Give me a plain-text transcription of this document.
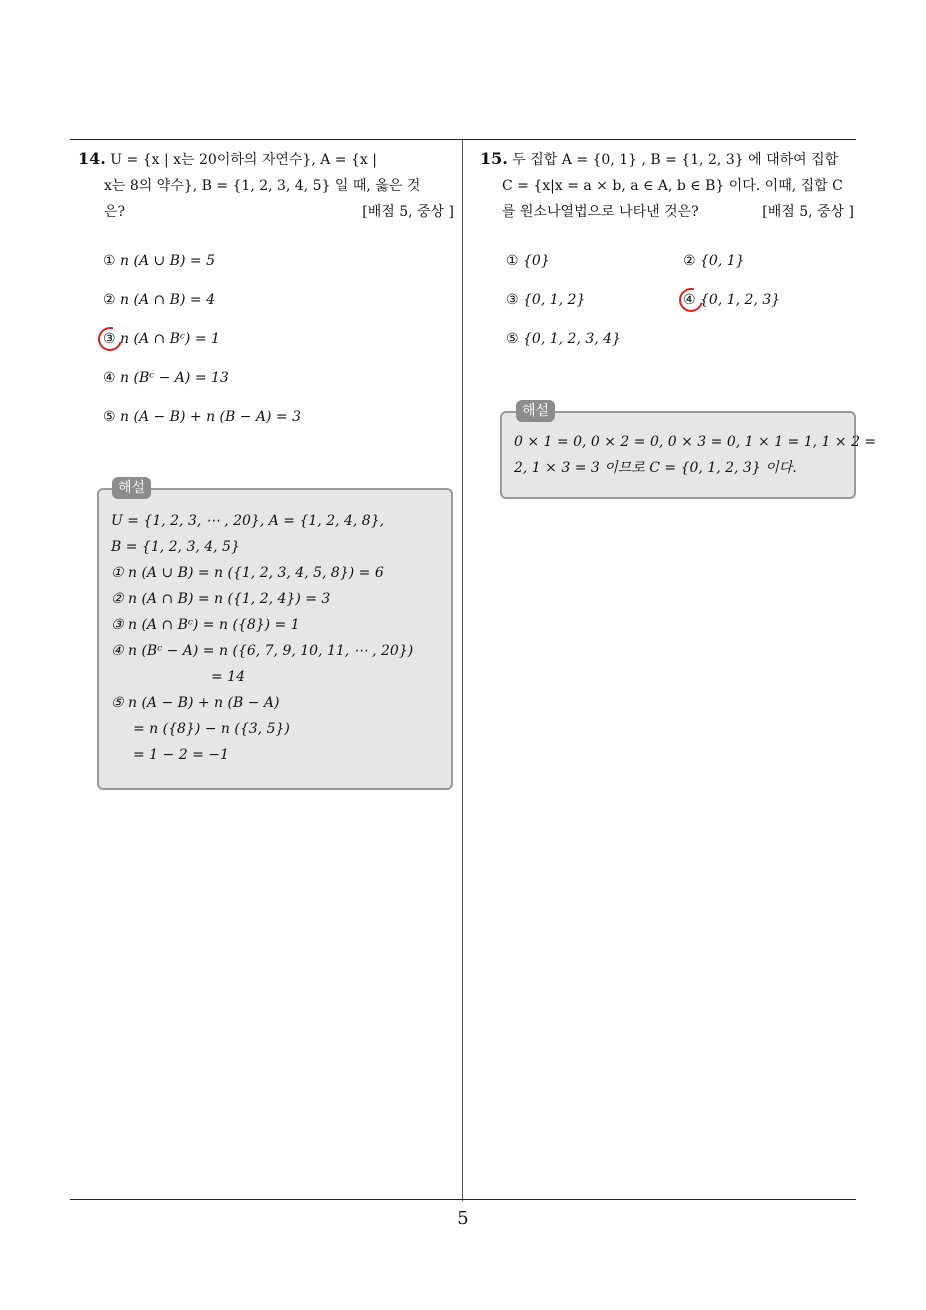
14. U = {x | x는 20이하의 자연수}, A = {x |
x는 8의 약수}, B = {1, 2, 3, 4, 5} 일 때, 옳은 것
은?	[배점 5, 중상 ]
① n (A ∪ B) = 5
② n (A ∩ B) = 4
③ n (A ∩ Bᶜ) = 1
④ n (Bᶜ − A) = 13
⑤ n (A − B) + n (B − A) = 3
U = {1, 2, 3, ⋯ , 20}, A = {1, 2, 4, 8},
B = {1, 2, 3, 4, 5}
① n (A ∪ B) = n ({1, 2, 3, 4, 5, 8}) = 6
② n (A ∩ B) = n ({1, 2, 4}) = 3
③ n (A ∩ Bᶜ) = n ({8}) = 1
④ n (Bᶜ − A) = n ({6, 7, 9, 10, 11, ⋯ , 20})
= 14
⑤ n (A − B) + n (B − A)
= n ({8}) − n ({3, 5})
= 1 − 2 = −1
해설
15. 두 집합 A = {0, 1} , B = {1, 2, 3} 에 대하여 집합
C = {x|x = a × b, a ∈ A, b ∈ B} 이다. 이때, 집합 C
를 원소나열법으로 나타낸 것은?	[배점 5, 중상 ]
① {0}	② {0, 1}
③ {0, 1, 2}	④ {0, 1, 2, 3}
⑤ {0, 1, 2, 3, 4}
0 × 1 = 0, 0 × 2 = 0, 0 × 3 = 0, 1 × 1 = 1, 1 × 2 =
2, 1 × 3 = 3 이므로 C = {0, 1, 2, 3} 이다.
해설
5
